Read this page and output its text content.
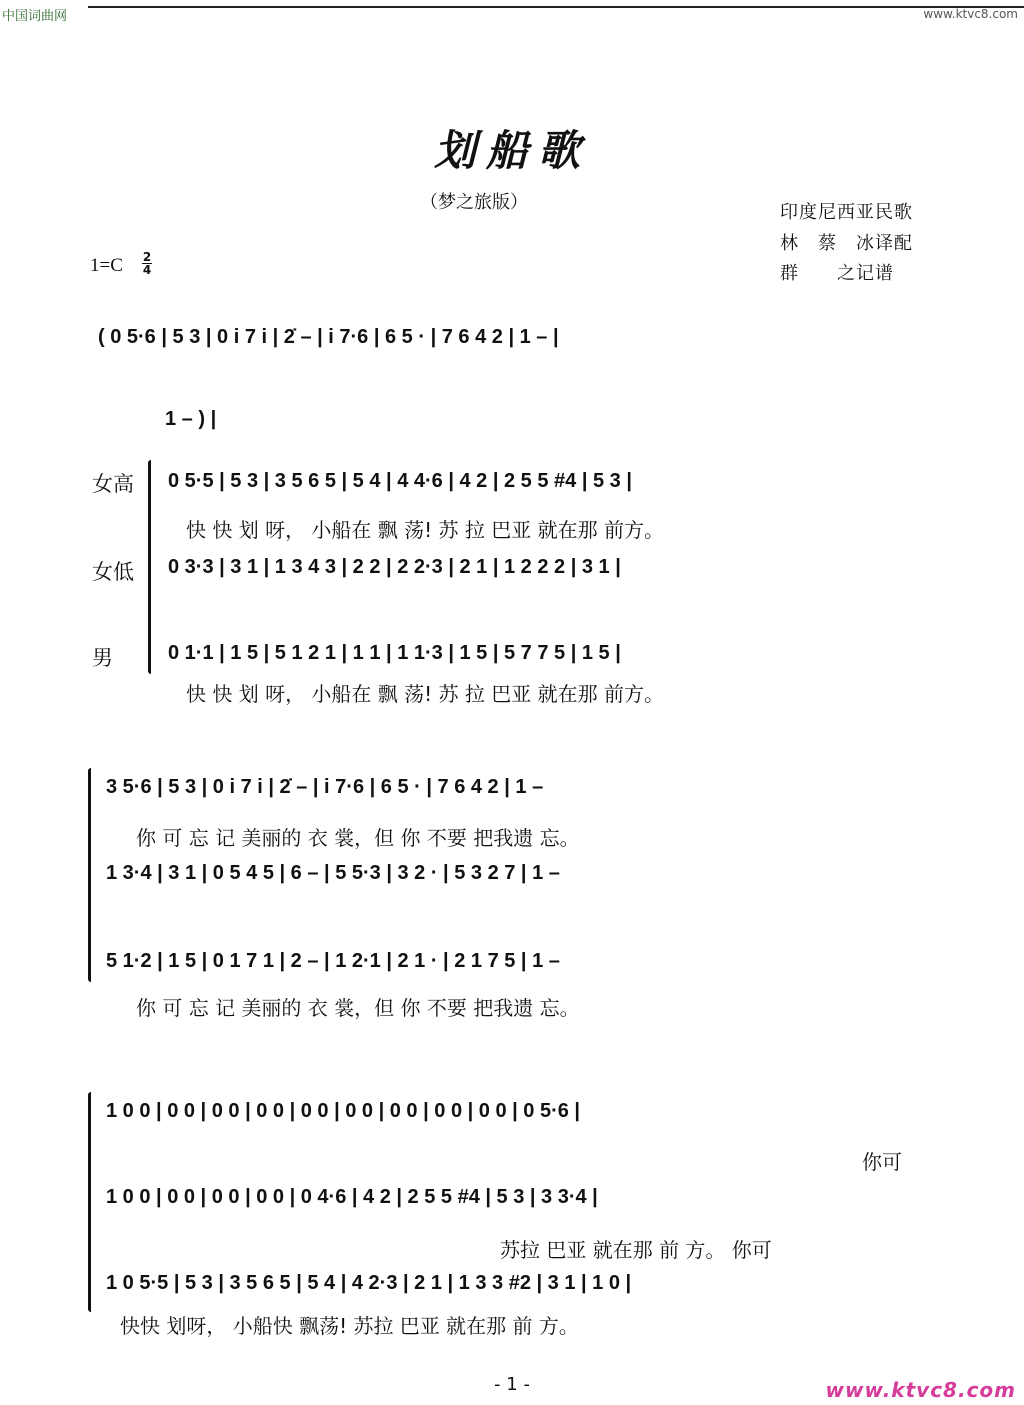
中国词曲网	www.ktvc8.com
划船歌
（梦之旅版）	印度尼西亚民歌
林　蔡　冰译配
群　　之记谱
1=C 2
4
( 0 5·6 | 5 3 | 0 i 7 i | 2̇ – | i 7·6 | 6 5 · | 7 6 4 2 | 1 – |
1 – ) |
女高
女低
男
0 5·5 | 5 3 | 3 5 6 5 | 5 4 | 4 4·6 | 4 2 | 2 5 5 #4 | 5 3 |
快 快 划 呀， 小船在 飘 荡! 苏 拉 巴亚 就在那 前方。
0 3·3 | 3 1 | 1 3 4 3 | 2 2 | 2 2·3 | 2 1 | 1 2 2 2 | 3 1 |
0 1·1 | 1 5 | 5 1 2 1 | 1 1 | 1 1·3 | 1 5 | 5 7 7 5 | 1 5 |
快 快 划 呀， 小船在 飘 荡! 苏 拉 巴亚 就在那 前方。
3 5·6 | 5 3 | 0 i 7 i | 2̇ – | i 7·6 | 6 5 · | 7 6 4 2 | 1 –
你 可 忘 记 美丽的 衣 裳，但 你 不要 把我遗 忘。
1 3·4 | 3 1 | 0 5 4 5 | 6 – | 5 5·3 | 3 2 · | 5 3 2 7 | 1 –
5 1·2 | 1 5 | 0 1 7 1 | 2 – | 1 2·1 | 2 1 · | 2 1 7 5 | 1 –
你 可 忘 记 美丽的 衣 裳，但 你 不要 把我遗 忘。
1 0 0 | 0 0 | 0 0 | 0 0 | 0 0 | 0 0 | 0 0 | 0 0 | 0 0 | 0 5·6 |
你可
1 0 0 | 0 0 | 0 0 | 0 0 | 0 4·6 | 4 2 | 2 5 5 #4 | 5 3 | 3 3·4 |
苏拉 巴亚 就在那 前 方。 你可
1 0 5·5 | 5 3 | 3 5 6 5 | 5 4 | 4 2·3 | 2 1 | 1 3 3 #2 | 3 1 | 1 0 |
快快 划呀， 小船快 飘荡! 苏拉 巴亚 就在那 前 方。
- 1 -	www.ktvc8.com
